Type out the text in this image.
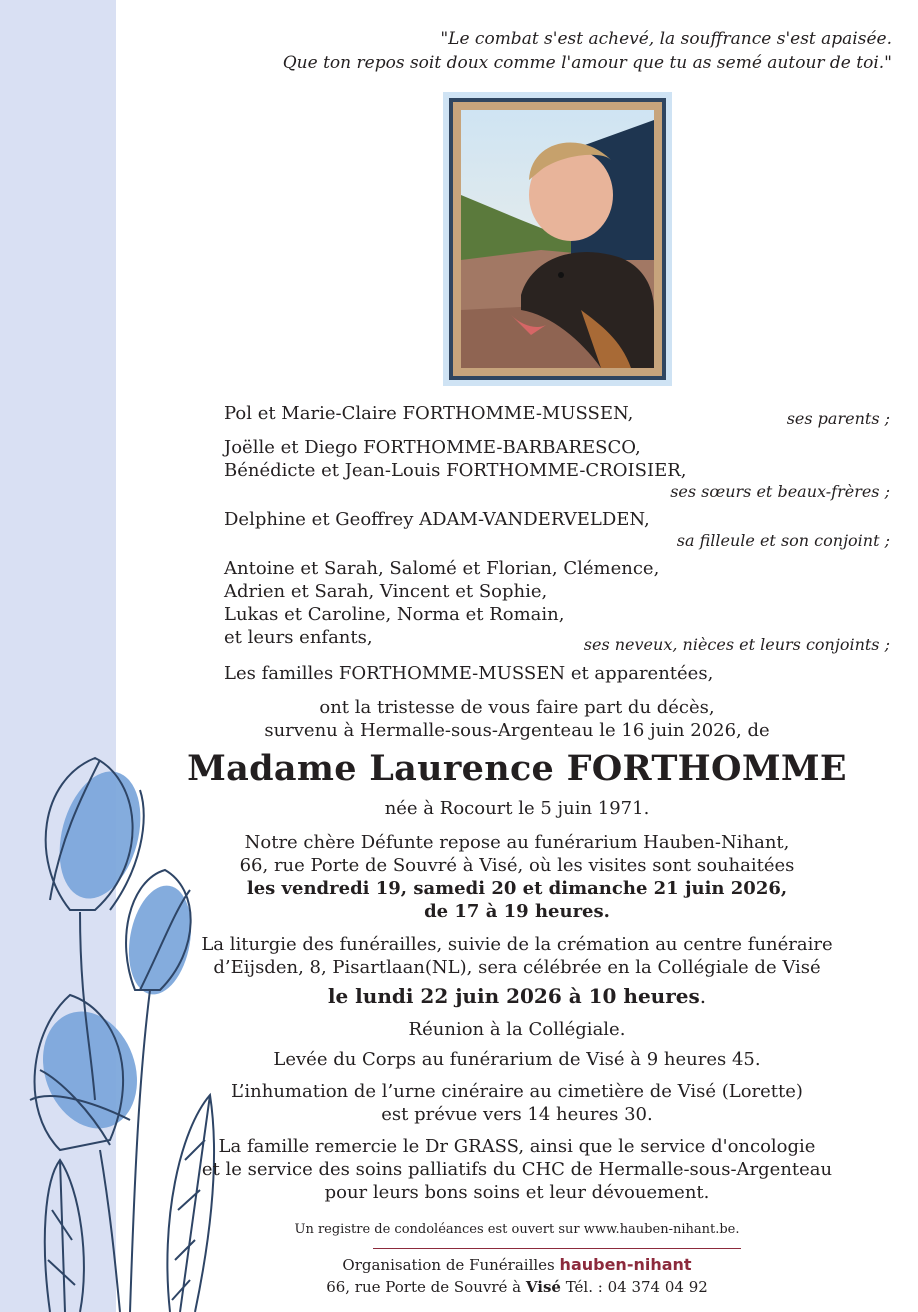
"Le combat s'est achevé, la souffrance s'est apaisée.
Que ton repos soit doux comme l'amour que tu as semé autour de toi."
Pol et Marie-Claire FORTHOMME-MUSSEN,	ses parents ;
Joëlle et Diego FORTHOMME-BARBARESCO,
Bénédicte et Jean-Louis FORTHOMME-CROISIER,
ses sœurs et beaux-frères ;
Delphine et Geoffrey ADAM-VANDERVELDEN,
sa filleule et son conjoint ;
Antoine et Sarah, Salomé et Florian, Clémence,
Adrien et Sarah, Vincent et Sophie,
Lukas et Caroline, Norma et Romain,
et leurs enfants,	ses neveux, nièces et leurs conjoints ;
Les familles FORTHOMME-MUSSEN et apparentées,
ont la tristesse de vous faire part du décès,
survenu à Hermalle-sous-Argenteau le 16 juin 2026, de
Madame Laurence FORTHOMME
née à Rocourt le 5 juin 1971.
Notre chère Défunte repose au funérarium Hauben-Nihant,
66, rue Porte de Souvré à Visé, où les visites sont souhaitées
les vendredi 19, samedi 20 et dimanche 21 juin 2026,
de 17 à 19 heures.
La liturgie des funérailles, suivie de la crémation au centre funéraire
d’Eijsden, 8, Pisartlaan(NL), sera célébrée en la Collégiale de Visé
le lundi 22 juin 2026 à 10 heures.
Réunion à la Collégiale.
Levée du Corps au funérarium de Visé à 9 heures 45.
L’inhumation de l’urne cinéraire au cimetière de Visé (Lorette)
est prévue vers 14 heures 30.
La famille remercie le Dr GRASS, ainsi que le service d'oncologie
et le service des soins palliatifs du CHC de Hermalle-sous-Argenteau
pour leurs bons soins et leur dévouement.
Un registre de condoléances est ouvert sur www.hauben-nihant.be.
Organisation de Funérailles hauben-nihant
66, rue Porte de Souvré à Visé Tél. : 04 374 04 92
